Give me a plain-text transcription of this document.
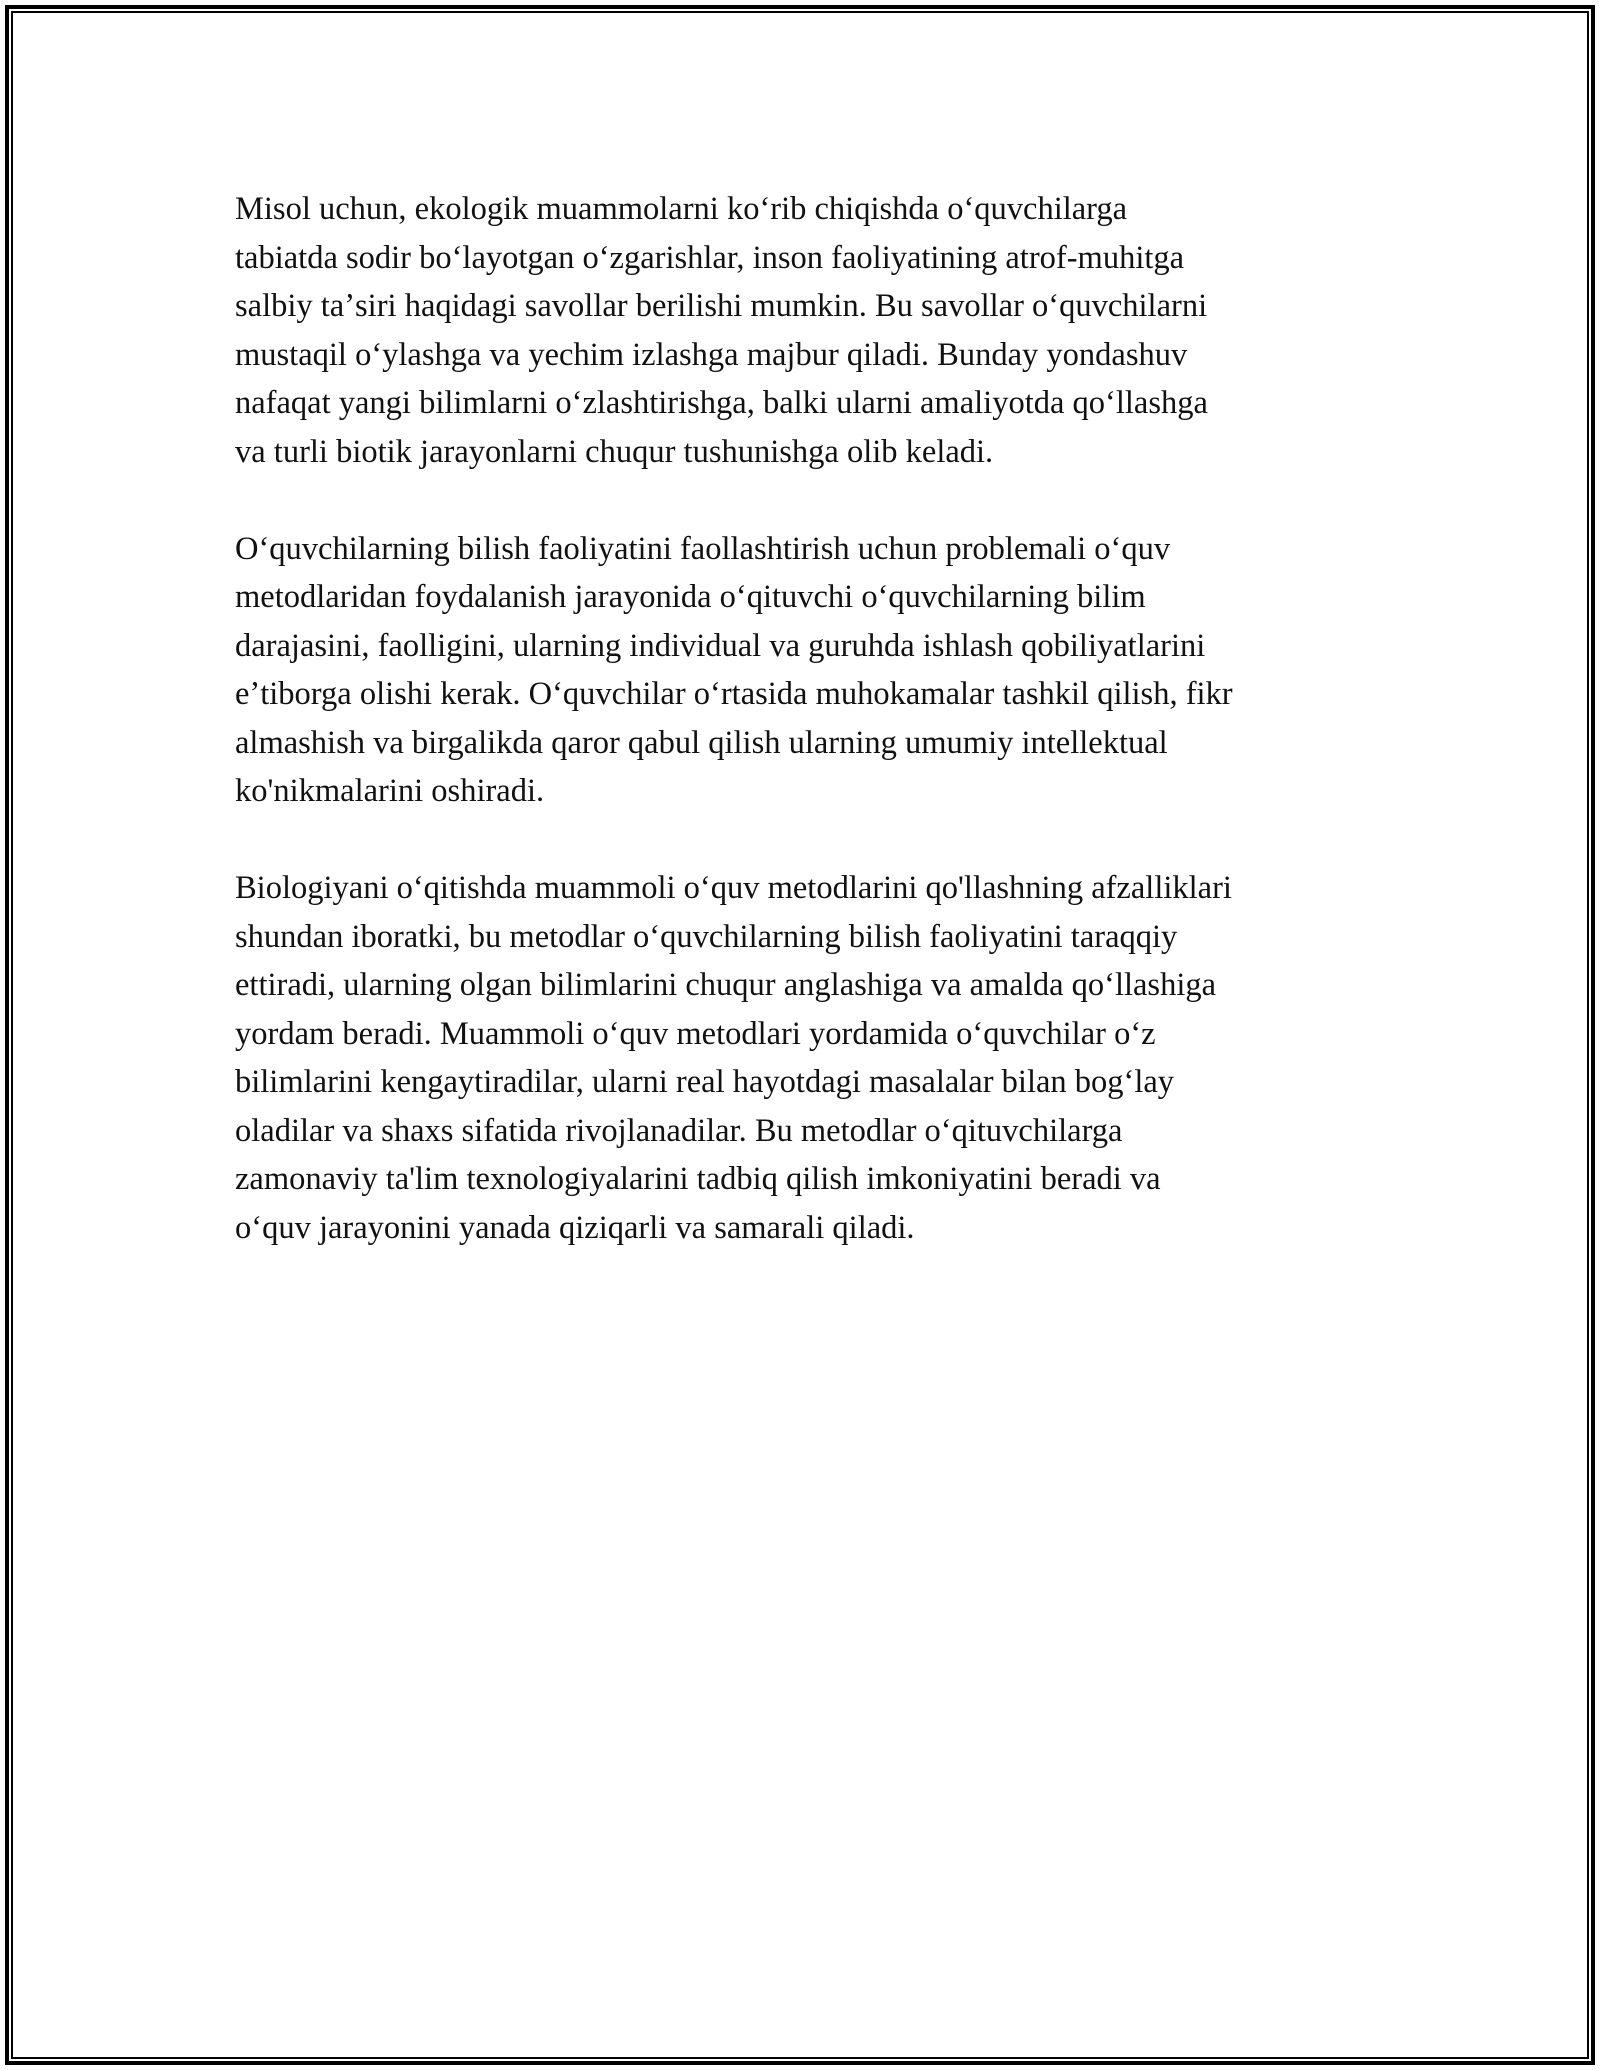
Misol uchun, ekologik muammolarni koʻrib chiqishda oʻquvchilarga
tabiatda sodir boʻlayotgan oʻzgarishlar, inson faoliyatining atrof-muhitga
salbiy taʼsiri haqidagi savollar berilishi mumkin. Bu savollar oʻquvchilarni
mustaqil oʻylashga va yechim izlashga majbur qiladi. Bunday yondashuv
nafaqat yangi bilimlarni oʻzlashtirishga, balki ularni amaliyotda qoʻllashga
va turli biotik jarayonlarni chuqur tushunishga olib keladi.

Oʻquvchilarning bilish faoliyatini faollashtirish uchun problemali oʻquv
metodlaridan foydalanish jarayonida oʻqituvchi oʻquvchilarning bilim
darajasini, faolligini, ularning individual va guruhda ishlash qobiliyatlarini
eʼtiborga olishi kerak. Oʻquvchilar oʻrtasida muhokamalar tashkil qilish, fikr
almashish va birgalikda qaror qabul qilish ularning umumiy intellektual
ko'nikmalarini oshiradi.

Biologiyani oʻqitishda muammoli oʻquv metodlarini qo'llashning afzalliklari
shundan iboratki, bu metodlar oʻquvchilarning bilish faoliyatini taraqqiy
ettiradi, ularning olgan bilimlarini chuqur anglashiga va amalda qoʻllashiga
yordam beradi. Muammoli oʻquv metodlari yordamida oʻquvchilar oʻz
bilimlarini kengaytiradilar, ularni real hayotdagi masalalar bilan bogʻlay
oladilar va shaxs sifatida rivojlanadilar. Bu metodlar oʻqituvchilarga
zamonaviy ta'lim texnologiyalarini tadbiq qilish imkoniyatini beradi va
oʻquv jarayonini yanada qiziqarli va samarali qiladi.
